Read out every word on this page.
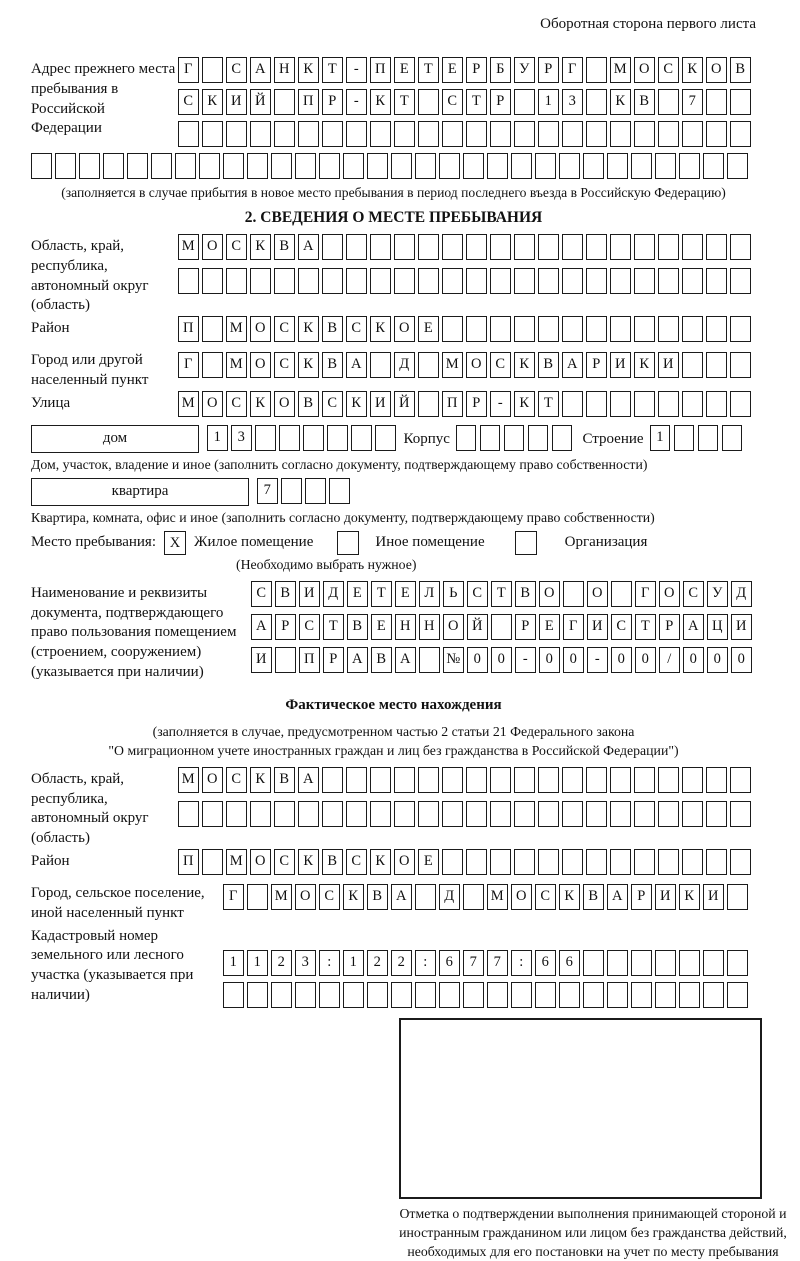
Оборотная сторона первого листа
Адрес прежнего места пребывания в Российской Федерации
Г	С А Н К	Т	-	П Е	Т	Е	Р	Б	У	Р	Г	М О С К О В
С К И Й	П	Р	-	К	Т	С	Т	Р	1	3	К В	7
(заполняется в случае прибытия в новое место пребывания в период последнего въезда в Российскую Федерацию)
2. СВЕДЕНИЯ О МЕСТЕ ПРЕБЫВАНИЯ
Область, край, республика, автономный округ (область)
М О С К В А
Район	П	М О С К В С К О Е
Город или другой населенный пункт
Г	М О С К В А	Д	М О С К В А	Р	И К И
Улица	М О С К О В С К И Й	П	Р	-	К	Т
дом	1	3	Корпус	Строение 1
Дом, участок, владение и иное (заполнить согласно документу, подтверждающему право собственности)
квартира	7
Квартира, комната, офис и иное (заполнить согласно документу, подтверждающему право собственности)
Место пребывания: X Жилое помещение	Иное помещение	Организация
(Необходимо выбрать нужное)
Наименование и реквизиты документа, подтверждающего право пользования помещением (строением, сооружением) (указывается при наличии)
С В И Д	Е	Т	Е	Л	Ь	С	Т	В О	О	Г	О С У Д
А	Р	С	Т	В	Е Н Н О Й	Р	Е	Г	И С	Т	Р	А Ц И
И	П	Р	А В А	№ 0	0	-	0	0	-	0	0	/	0	0	0
Фактическое место нахождения
(заполняется в случае, предусмотренном частью 2 статьи 21 Федерального закона
"О миграционном учете иностранных граждан и лиц без гражданства в Российской Федерации")
Область, край, республика, автономный округ (область)
М О С К В А
Район	П	М О С К В С К О Е
Город, сельское поселение, иной населенный пункт
Г	М О С К В А	Д	М О С К В А	Р	И К И
Кадастровый номер земельного или лесного участка (указывается при наличии)
1	1	2	3	:	1	2	2	:	6	7	7	:	6	6
Отметка о подтверждении выполнения принимающей стороной и иностранным гражданином или лицом без гражданства действий, необходимых для его постановки на учет по месту пребывания
